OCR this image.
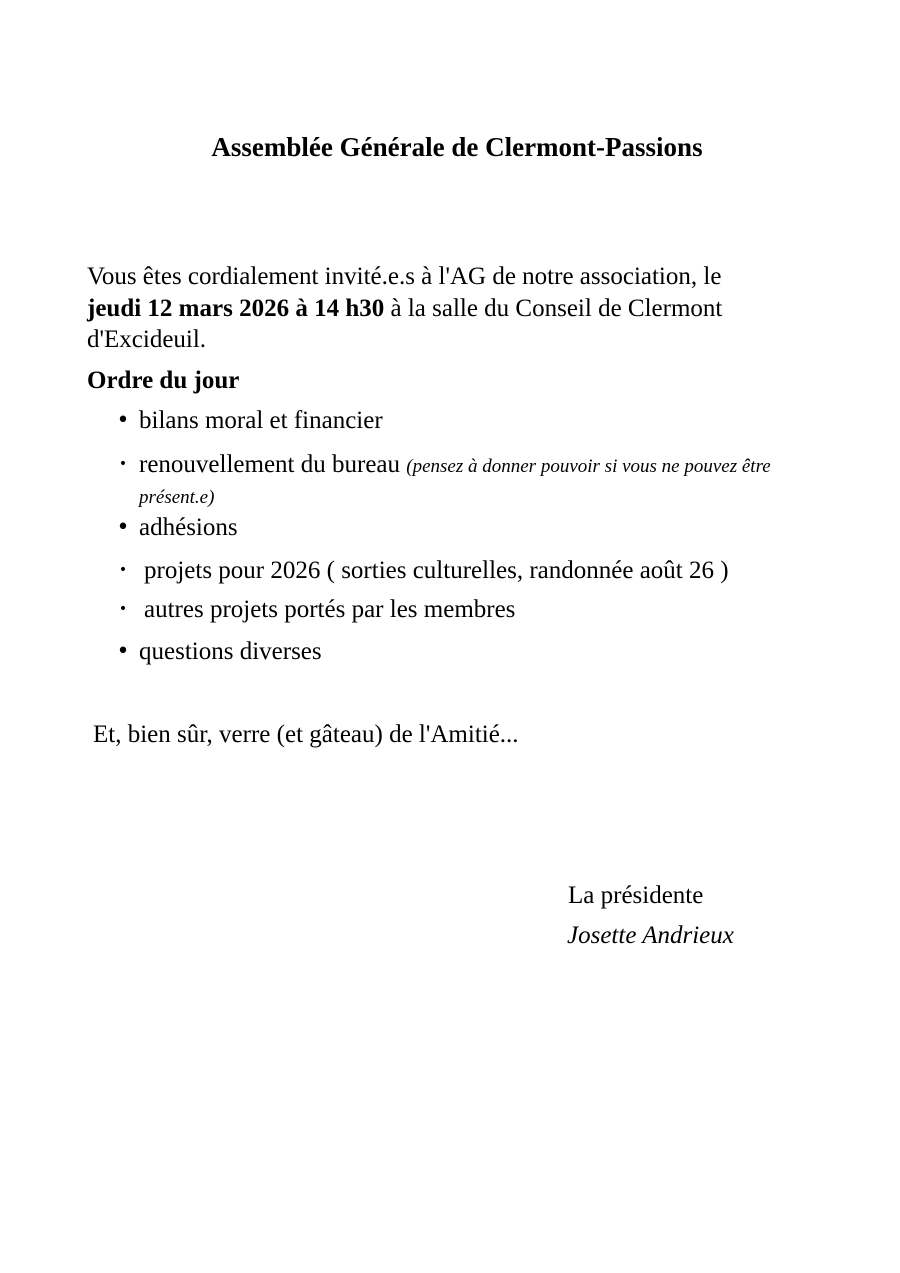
Assemblée Générale de Clermont-Passions
Vous êtes cordialement invité.e.s à l'AG de notre association, le
jeudi 12 mars 2026 à 14 h30 à la salle du Conseil de Clermont
d'Excideuil.
Ordre du jour
• bilans moral et financier
• renouvellement du bureau (pensez à donner pouvoir si vous ne pouvez être présent.e)
• adhésions
• projets pour 2026 ( sorties culturelles, randonnée août 26 )
• autres projets portés par les membres
• questions diverses
Et, bien sûr, verre (et gâteau) de l'Amitié...
La présidente
Josette Andrieux
